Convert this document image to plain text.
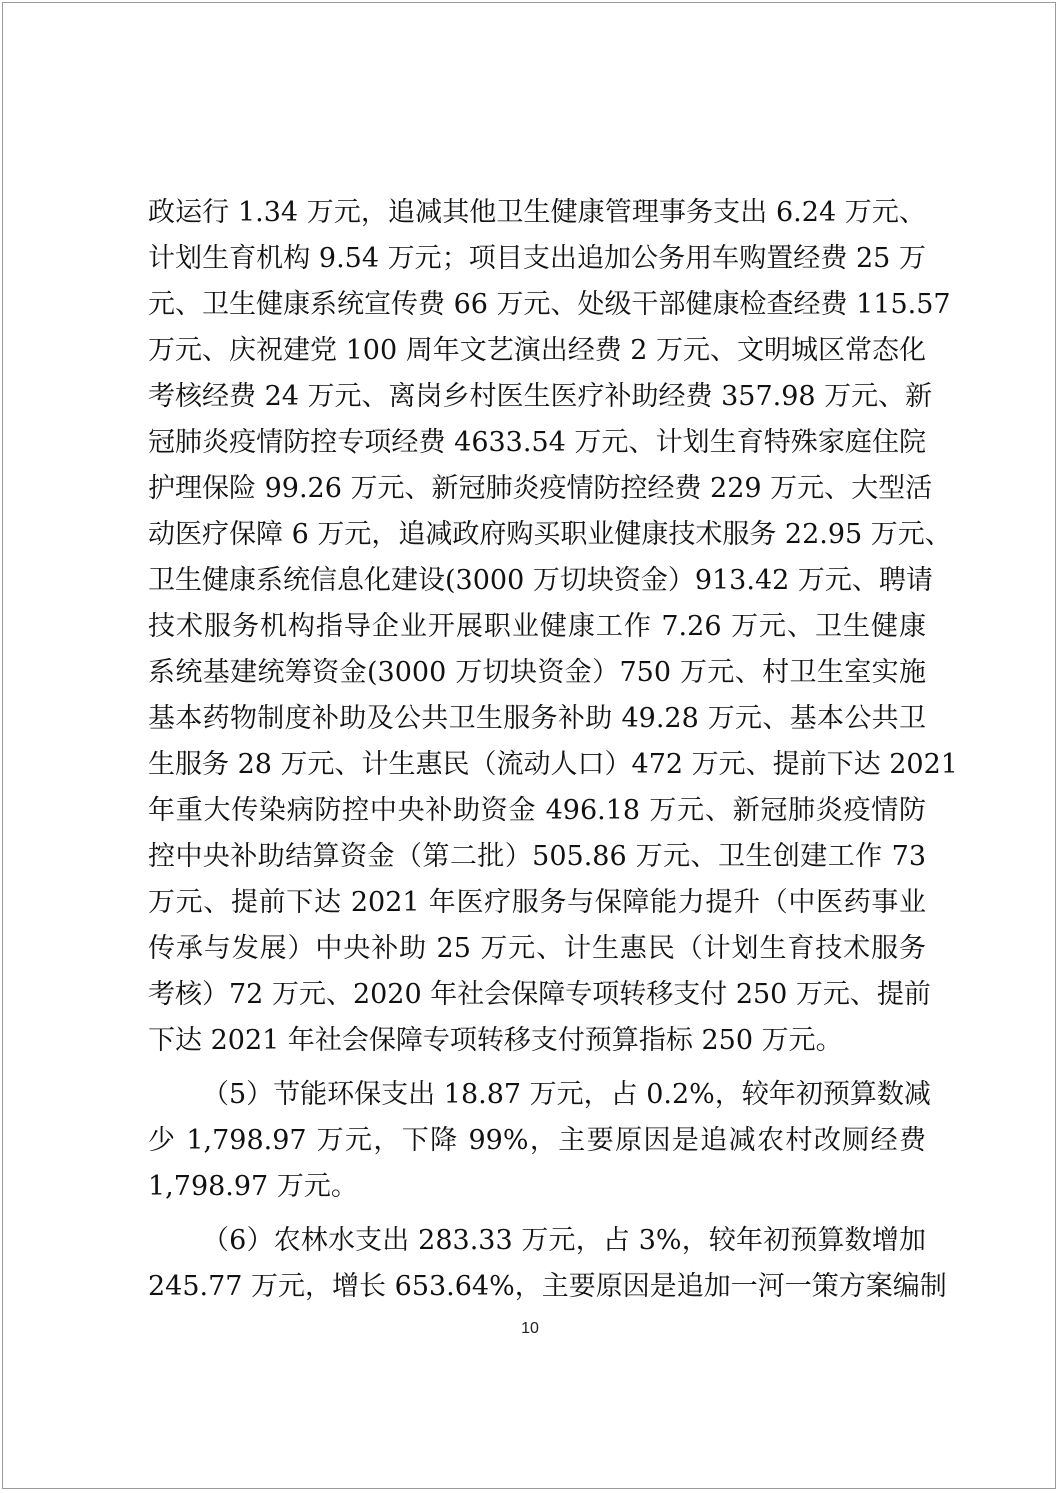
政运行 1.34 万元，追减其他卫生健康管理事务支出 6.24 万元、
计划生育机构 9.54 万元；项目支出追加公务用车购置经费 25 万
元、卫生健康系统宣传费 66 万元、处级干部健康检查经费 115.57
万元、庆祝建党 100 周年文艺演出经费 2 万元、文明城区常态化
考核经费 24 万元、离岗乡村医生医疗补助经费 357.98 万元、新
冠肺炎疫情防控专项经费 4633.54 万元、计划生育特殊家庭住院
护理保险 99.26 万元、新冠肺炎疫情防控经费 229 万元、大型活
动医疗保障 6 万元，追减政府购买职业健康技术服务 22.95 万元、
卫生健康系统信息化建设(3000 万切块资金）913.42 万元、聘请
技术服务机构指导企业开展职业健康工作 7.26 万元、卫生健康
系统基建统筹资金(3000 万切块资金）750 万元、村卫生室实施
基本药物制度补助及公共卫生服务补助 49.28 万元、基本公共卫
生服务 28 万元、计生惠民（流动人口）472 万元、提前下达 2021
年重大传染病防控中央补助资金 496.18 万元、新冠肺炎疫情防
控中央补助结算资金（第二批）505.86 万元、卫生创建工作 73
万元、提前下达 2021 年医疗服务与保障能力提升（中医药事业
传承与发展）中央补助 25 万元、计生惠民（计划生育技术服务
考核）72 万元、2020 年社会保障专项转移支付 250 万元、提前
下达 2021 年社会保障专项转移支付预算指标 250 万元。
（5）节能环保支出 18.87 万元，占 0.2%，较年初预算数减
少 1,798.97 万元，下降 99%，主要原因是追减农村改厕经费
1,798.97 万元。
（6）农林水支出 283.33 万元，占 3%，较年初预算数增加
245.77 万元，增长 653.64%，主要原因是追加一河一策方案编制
10
